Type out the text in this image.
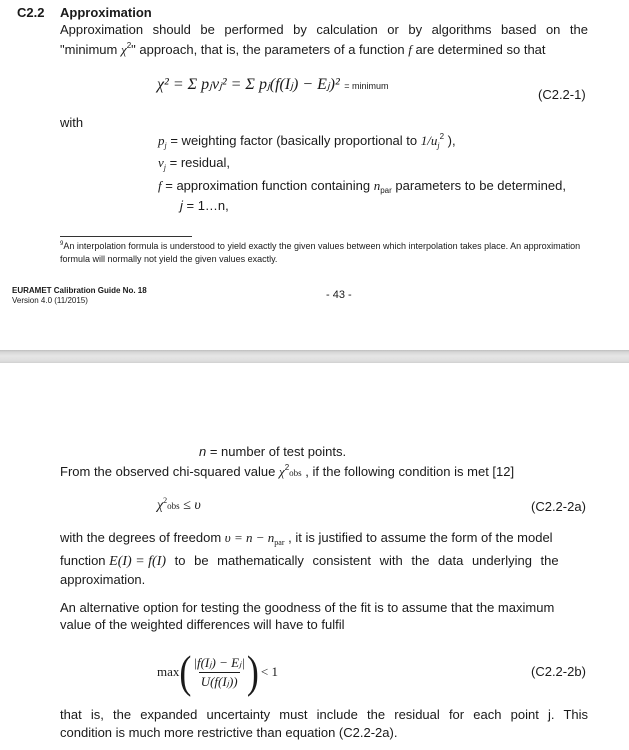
C2.2 Approximation
Approximation should be performed by calculation or by algorithms based on the
"minimum $\chi^2$" approach, that is, the parameters of a function f are determined so that
χ² = Σ pⱼvⱼ² = Σ pⱼ(f(Iⱼ) − Eⱼ)² = minimum
(C2.2-1)
with
$p_j$ = weighting factor (basically proportional to $1/u_j^2$ ),
$v_j$ = residual,
f = approximation function containing $n_{par}$ parameters to be determined,
j = 1…n,
$^9$An interpolation formula is understood to yield exactly the given values between which interpolation takes place. An approximation
formula will normally not yield the given values exactly.
EURAMET Calibration Guide No. 18
Version 4.0 (11/2015)	- 43 -
n = number of test points.
From the observed chi-squared value $\chi^2obs$ , if the following condition is met [12]
$\chi^2obs \le \upsilon$	(C2.2-2a)
with the degrees of freedom $\upsilon = n - n_{par}$ , it is justified to assume the form of the model
function E(I) = f(I) to be mathematically consistent with the data underlying the
approximation.
An alternative option for testing the goodness of the fit is to assume that the maximum
value of the weighted differences will have to fulfil
max ( $\frac{\text{|f(Iⱼ) − Eⱼ|}}{\text{U(f(Iⱼ))}}$ ) < 1	(C2.2-2b)
that is, the expanded uncertainty must include the residual for each point j. This
condition is much more restrictive than equation (C2.2-2a).
